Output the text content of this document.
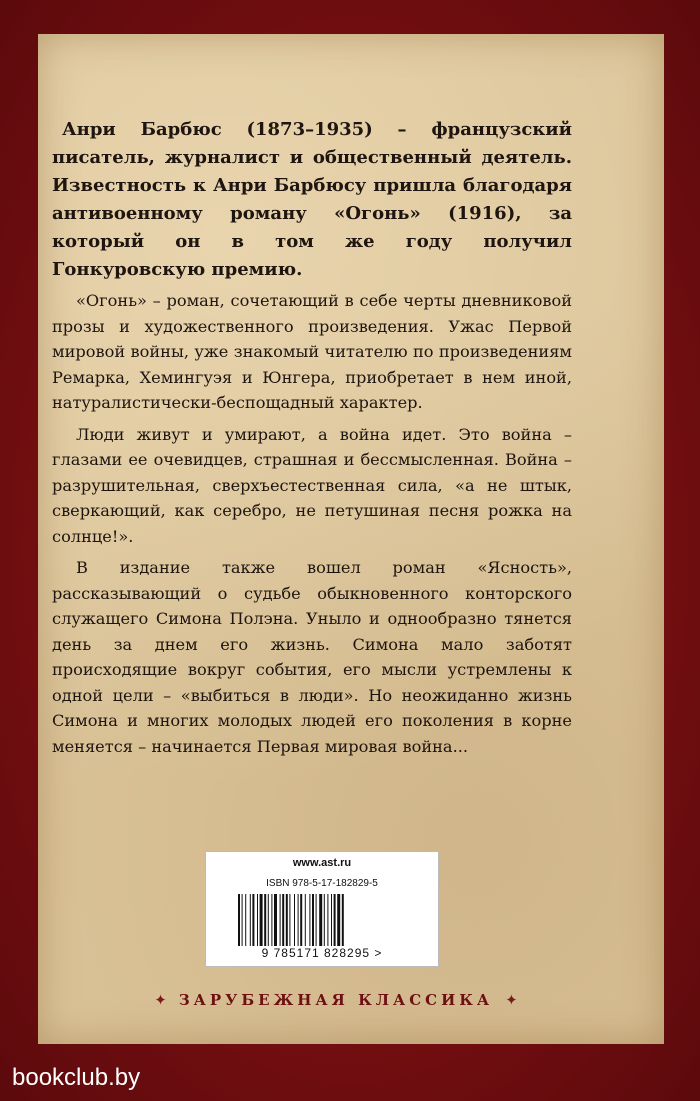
Анри Барбюс (1873–1935) – французский писатель, журналист и общественный деятель. Известность к Анри Барбюсу пришла благодаря антивоенному роману «Огонь» (1916), за который он в том же году получил Гонкуровскую премию.

«Огонь» – роман, сочетающий в себе черты дневниковой прозы и художественного произведения. Ужас Первой мировой войны, уже знакомый читателю по произведениям Ремарка, Хемингуэя и Юнгера, приобретает в нем иной, натуралистически-беспощадный характер.

Люди живут и умирают, а война идет. Это война – глазами ее очевидцев, страшная и бессмысленная. Война – разрушительная, сверхъестественная сила, «а не штык, сверкающий, как серебро, не петушиная песня рожка на солнце!».

В издание также вошел роман «Ясность», рассказывающий о судьбе обыкновенного конторского служащего Симона Полэна. Уныло и однообразно тянется день за днем его жизнь. Симона мало заботят происходящие вокруг события, его мысли устремлены к одной цели – «выбиться в люди». Но неожиданно жизнь Симона и многих молодых людей его поколения в корне меняется – начинается Первая мировая война...

www.ast.ru
ISBN 978-5-17-182829-5
9 785171 828295 >
✦ ЗАРУБЕЖНАЯ КЛАССИКА ✦
bookclub.by
